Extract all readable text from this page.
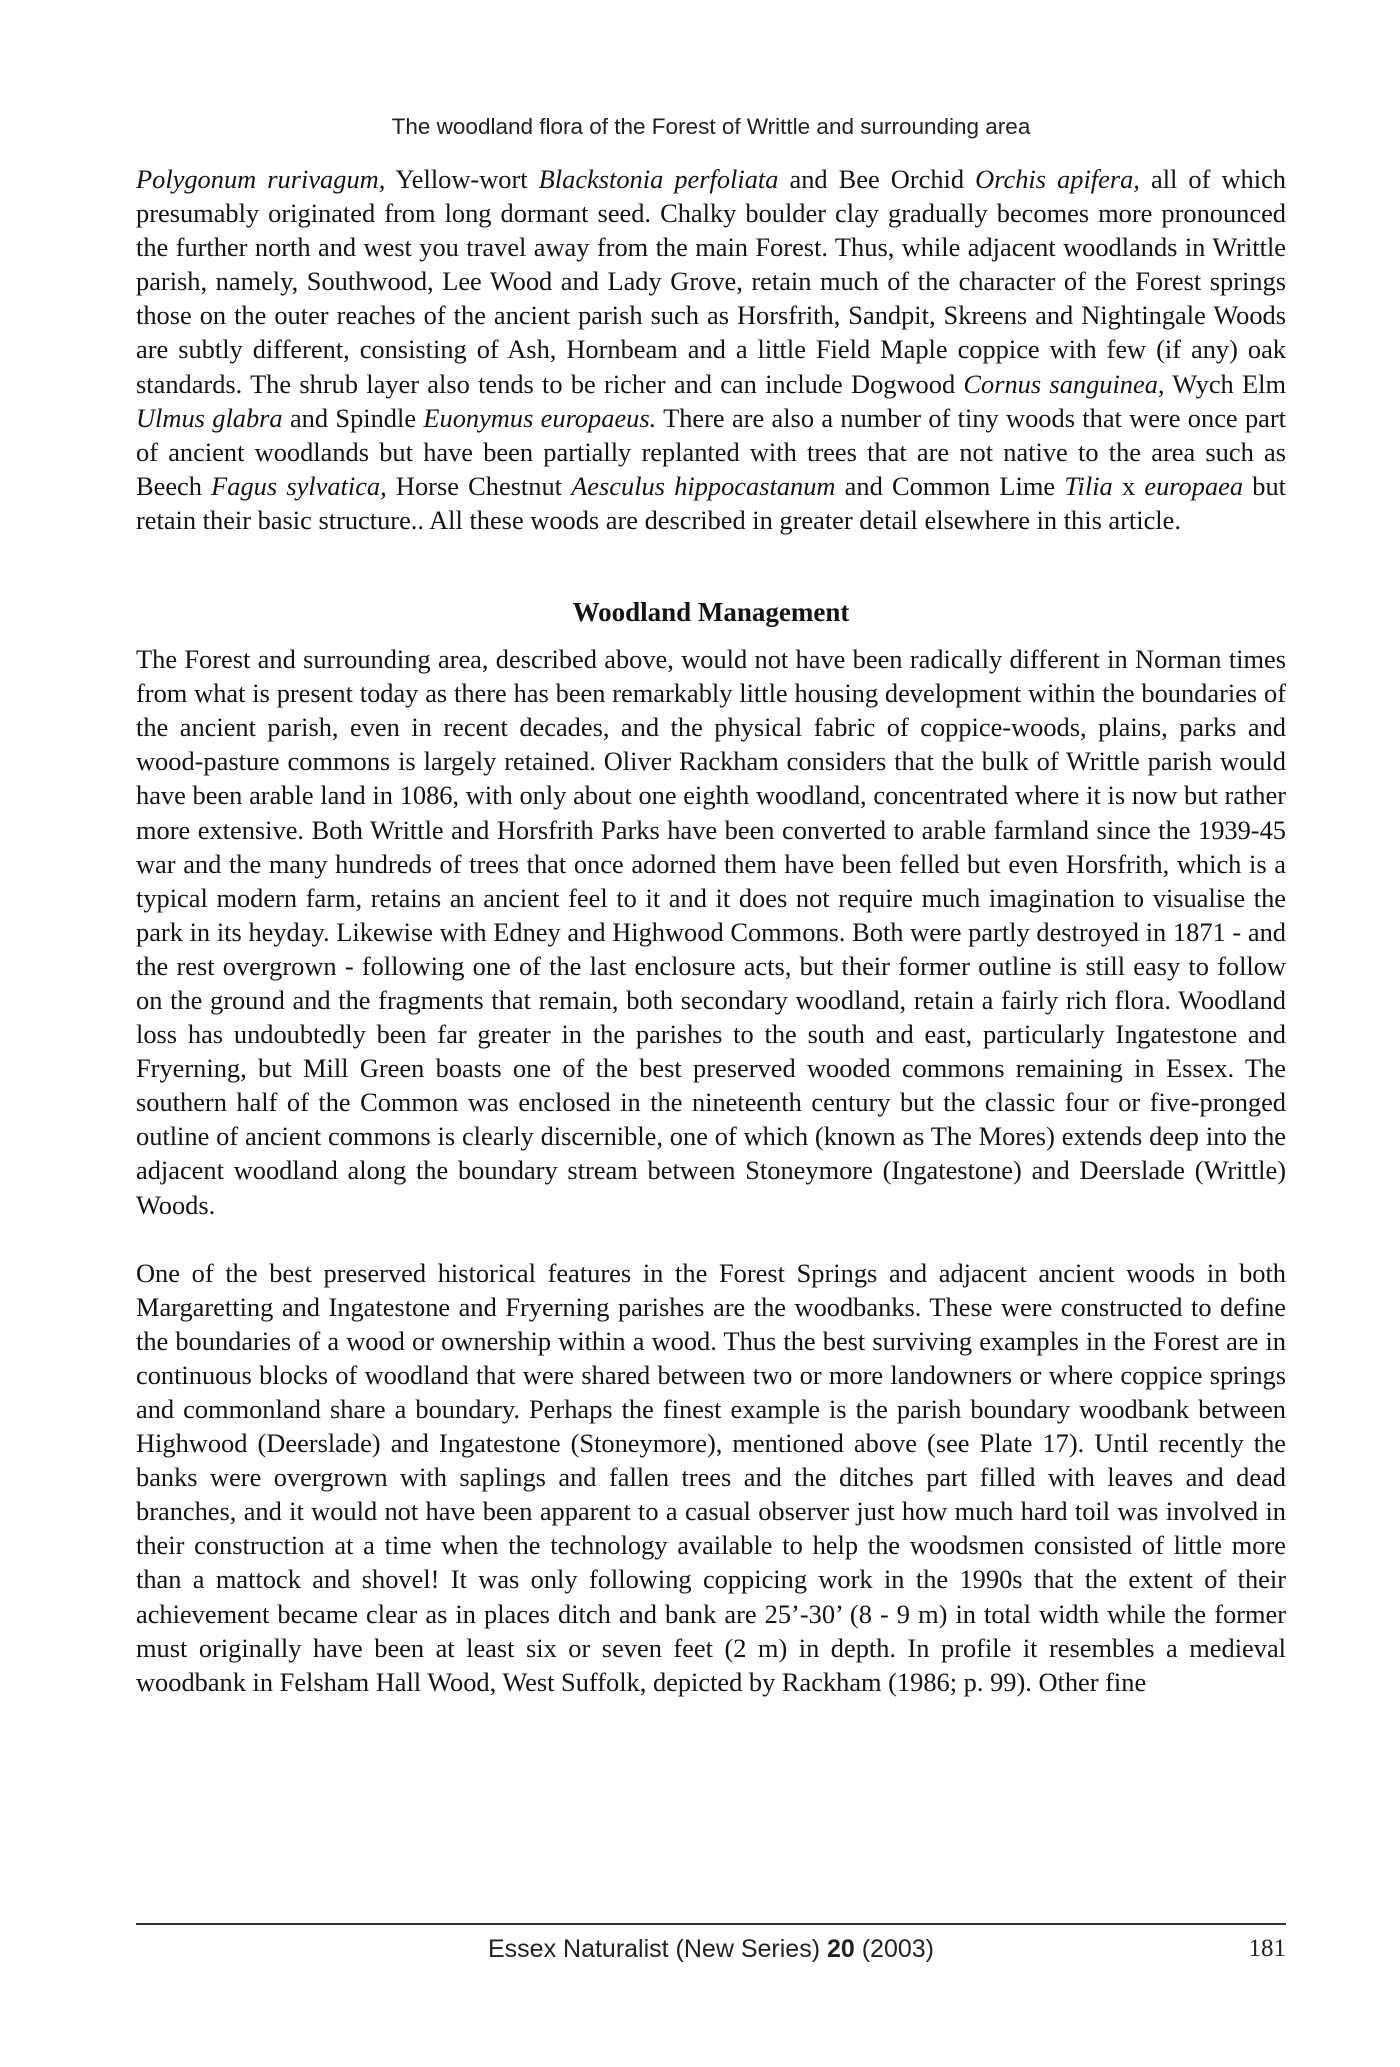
The woodland flora of the Forest of Writtle and surrounding area

Polygonum rurivagum, Yellow-wort Blackstonia perfoliata and Bee Orchid Orchis apifera, all of which presumably originated from long dormant seed. Chalky boulder clay gradually becomes more pronounced the further north and west you travel away from the main Forest. Thus, while adjacent woodlands in Writtle parish, namely, Southwood, Lee Wood and Lady Grove, retain much of the character of the Forest springs those on the outer reaches of the ancient parish such as Horsfrith, Sandpit, Skreens and Nightingale Woods are subtly different, consisting of Ash, Hornbeam and a little Field Maple coppice with few (if any) oak standards. The shrub layer also tends to be richer and can include Dogwood Cornus sanguinea, Wych Elm Ulmus glabra and Spindle Euonymus europaeus. There are also a number of tiny woods that were once part of ancient woodlands but have been partially replanted with trees that are not native to the area such as Beech Fagus sylvatica, Horse Chestnut Aesculus hippocastanum and Common Lime Tilia x europaea but retain their basic structure.. All these woods are described in greater detail elsewhere in this article.

Woodland Management

The Forest and surrounding area, described above, would not have been radically different in Norman times from what is present today as there has been remarkably little housing development within the boundaries of the ancient parish, even in recent decades, and the physical fabric of coppice-woods, plains, parks and wood-pasture commons is largely retained. Oliver Rackham considers that the bulk of Writtle parish would have been arable land in 1086, with only about one eighth woodland, concentrated where it is now but rather more extensive. Both Writtle and Horsfrith Parks have been converted to arable farmland since the 1939-45 war and the many hundreds of trees that once adorned them have been felled but even Horsfrith, which is a typical modern farm, retains an ancient feel to it and it does not require much imagination to visualise the park in its heyday. Likewise with Edney and Highwood Commons. Both were partly destroyed in 1871 - and the rest overgrown - following one of the last enclosure acts, but their former outline is still easy to follow on the ground and the fragments that remain, both secondary woodland, retain a fairly rich flora. Woodland loss has undoubtedly been far greater in the parishes to the south and east, particularly Ingatestone and Fryerning, but Mill Green boasts one of the best preserved wooded commons remaining in Essex. The southern half of the Common was enclosed in the nineteenth century but the classic four or five-pronged outline of ancient commons is clearly discernible, one of which (known as The Mores) extends deep into the adjacent woodland along the boundary stream between Stoneymore (Ingatestone) and Deerslade (Writtle) Woods.

One of the best preserved historical features in the Forest Springs and adjacent ancient woods in both Margaretting and Ingatestone and Fryerning parishes are the woodbanks. These were constructed to define the boundaries of a wood or ownership within a wood. Thus the best surviving examples in the Forest are in continuous blocks of woodland that were shared between two or more landowners or where coppice springs and commonland share a boundary. Perhaps the finest example is the parish boundary woodbank between Highwood (Deerslade) and Ingatestone (Stoneymore), mentioned above (see Plate 17). Until recently the banks were overgrown with saplings and fallen trees and the ditches part filled with leaves and dead branches, and it would not have been apparent to a casual observer just how much hard toil was involved in their construction at a time when the technology available to help the woodsmen consisted of little more than a mattock and shovel! It was only following coppicing work in the 1990s that the extent of their achievement became clear as in places ditch and bank are 25’-30’ (8 - 9 m) in total width while the former must originally have been at least six or seven feet (2 m) in depth. In profile it resembles a medieval woodbank in Felsham Hall Wood, West Suffolk, depicted by Rackham (1986; p. 99). Other fine

Essex Naturalist (New Series) 20 (2003)	181
